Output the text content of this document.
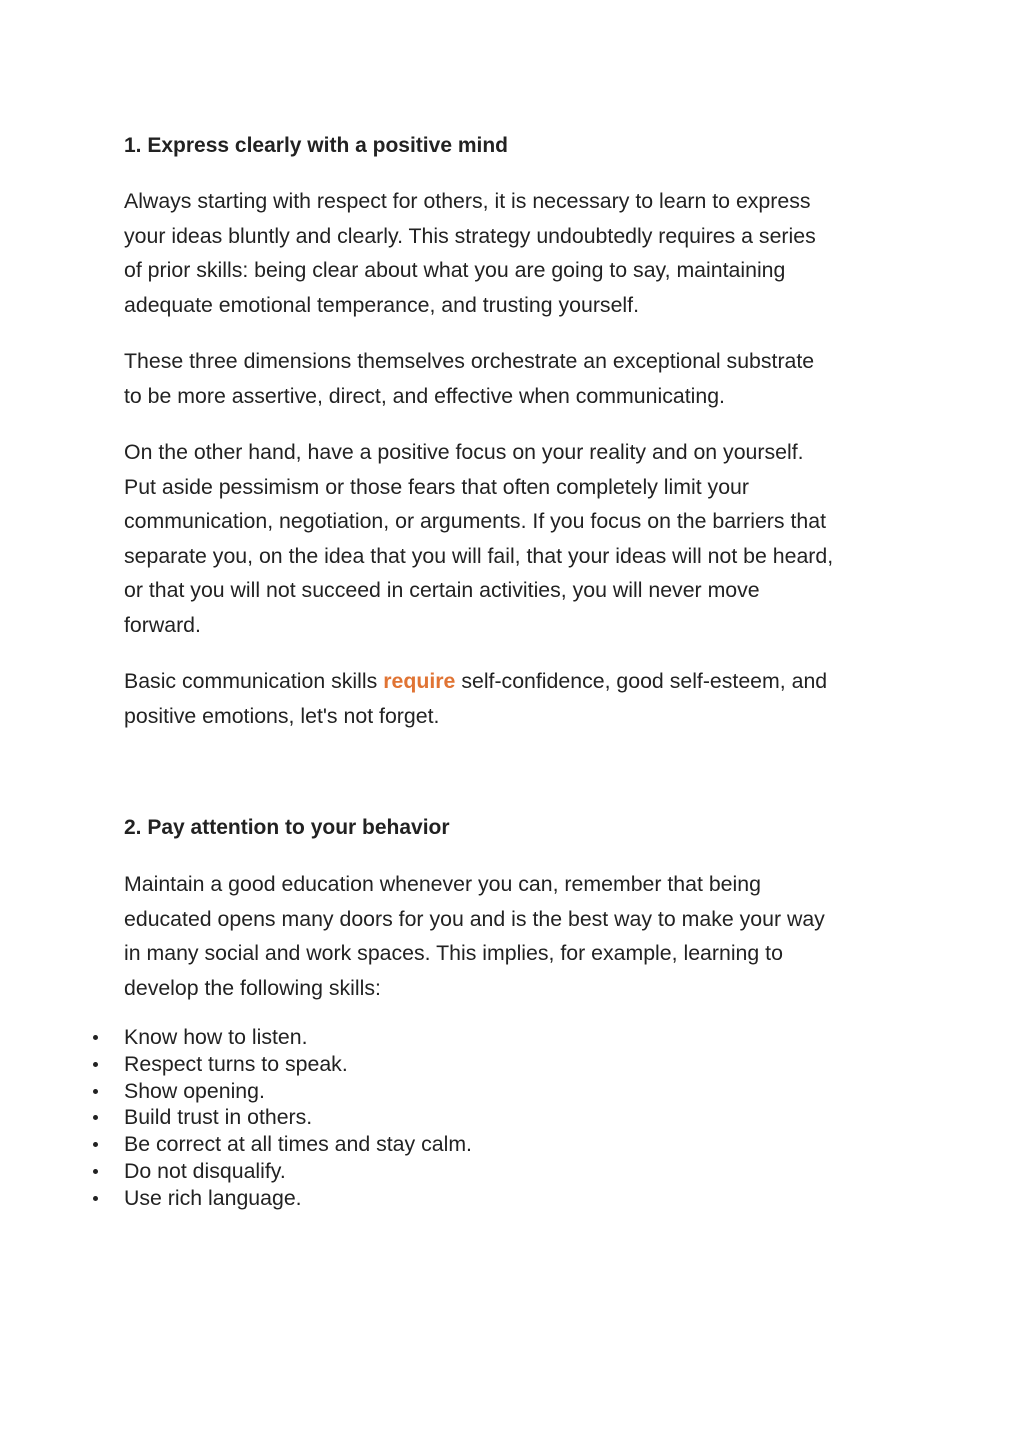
1. Express clearly with a positive mind

Always starting with respect for others, it is necessary to learn to express
your ideas bluntly and clearly. This strategy undoubtedly requires a series
of prior skills: being clear about what you are going to say, maintaining
adequate emotional temperance, and trusting yourself.

These three dimensions themselves orchestrate an exceptional substrate
to be more assertive, direct, and effective when communicating.

On the other hand, have a positive focus on your reality and on yourself.
Put aside pessimism or those fears that often completely limit your
communication, negotiation, or arguments. If you focus on the barriers that
separate you, on the idea that you will fail, that your ideas will not be heard,
or that you will not succeed in certain activities, you will never move
forward.

Basic communication skills require self-confidence, good self-esteem, and
positive emotions, let's not forget.

2. Pay attention to your behavior

Maintain a good education whenever you can, remember that being
educated opens many doors for you and is the best way to make your way
in many social and work spaces. This implies, for example, learning to
develop the following skills:

Know how to listen.
Respect turns to speak.
Show opening.
Build trust in others.
Be correct at all times and stay calm.
Do not disqualify.
Use rich language.
